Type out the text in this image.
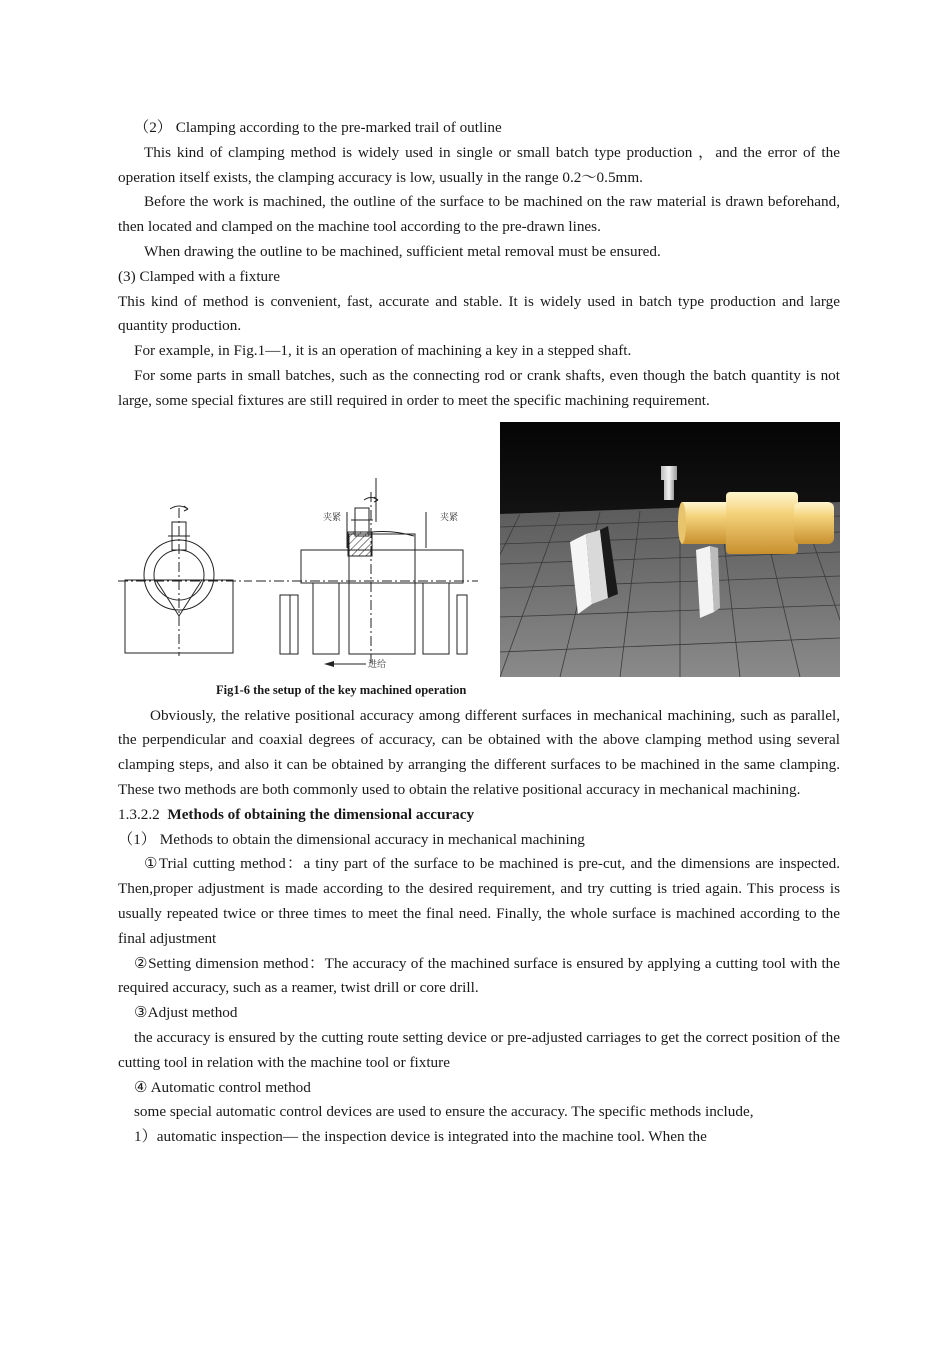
（2） Clamping according to the pre-marked trail of outline

This kind of clamping method is widely used in single or small batch type production ，and the error of the operation itself exists, the clamping accuracy is low, usually in the range 0.2～0.5mm.

Before the work is machined, the outline of the surface to be machined on the raw material is drawn beforehand, then located and clamped on the machine tool according to the pre-drawn lines.

When drawing the outline to be machined, sufficient metal removal must be ensured.

(3) Clamped with a fixture

This kind of method is convenient, fast, accurate and stable. It is widely used in batch type production and large quantity production.

For example, in Fig.1—1, it is an operation of machining a key in a stepped shaft.

For some parts in small batches, such as the connecting rod or crank shafts, even though the batch quantity is not large, some special fixtures are still required in order to meet the specific machining requirement.

夹紧	夹紧
进给
Fig1-6 the setup of the key machined operation

Obviously, the relative positional accuracy among different surfaces in mechanical machining, such as parallel, the perpendicular and coaxial degrees of accuracy, can be obtained with the above clamping method using several clamping steps, and also it can be obtained by arranging the different surfaces to be machined in the same clamping. These two methods are both commonly used to obtain the relative positional accuracy in mechanical machining.

1.3.2.2 Methods of obtaining the dimensional accuracy

（1） Methods to obtain the dimensional accuracy in mechanical machining

①Trial cutting method：a tiny part of the surface to be machined is pre-cut, and the dimensions are inspected. Then,proper adjustment is made according to the desired requirement, and try cutting is tried again. This process is usually repeated twice or three times to meet the final need. Finally, the whole surface is machined according to the final adjustment

②Setting dimension method：The accuracy of the machined surface is ensured by applying a cutting tool with the required accuracy, such as a reamer, twist drill or core drill.

③Adjust method

the accuracy is ensured by the cutting route setting device or pre-adjusted carriages to get the correct position of the cutting tool in relation with the machine tool or fixture

④ Automatic control method

some special automatic control devices are used to ensure the accuracy. The specific methods include,

1）automatic inspection— the inspection device is integrated into the machine tool. When the
